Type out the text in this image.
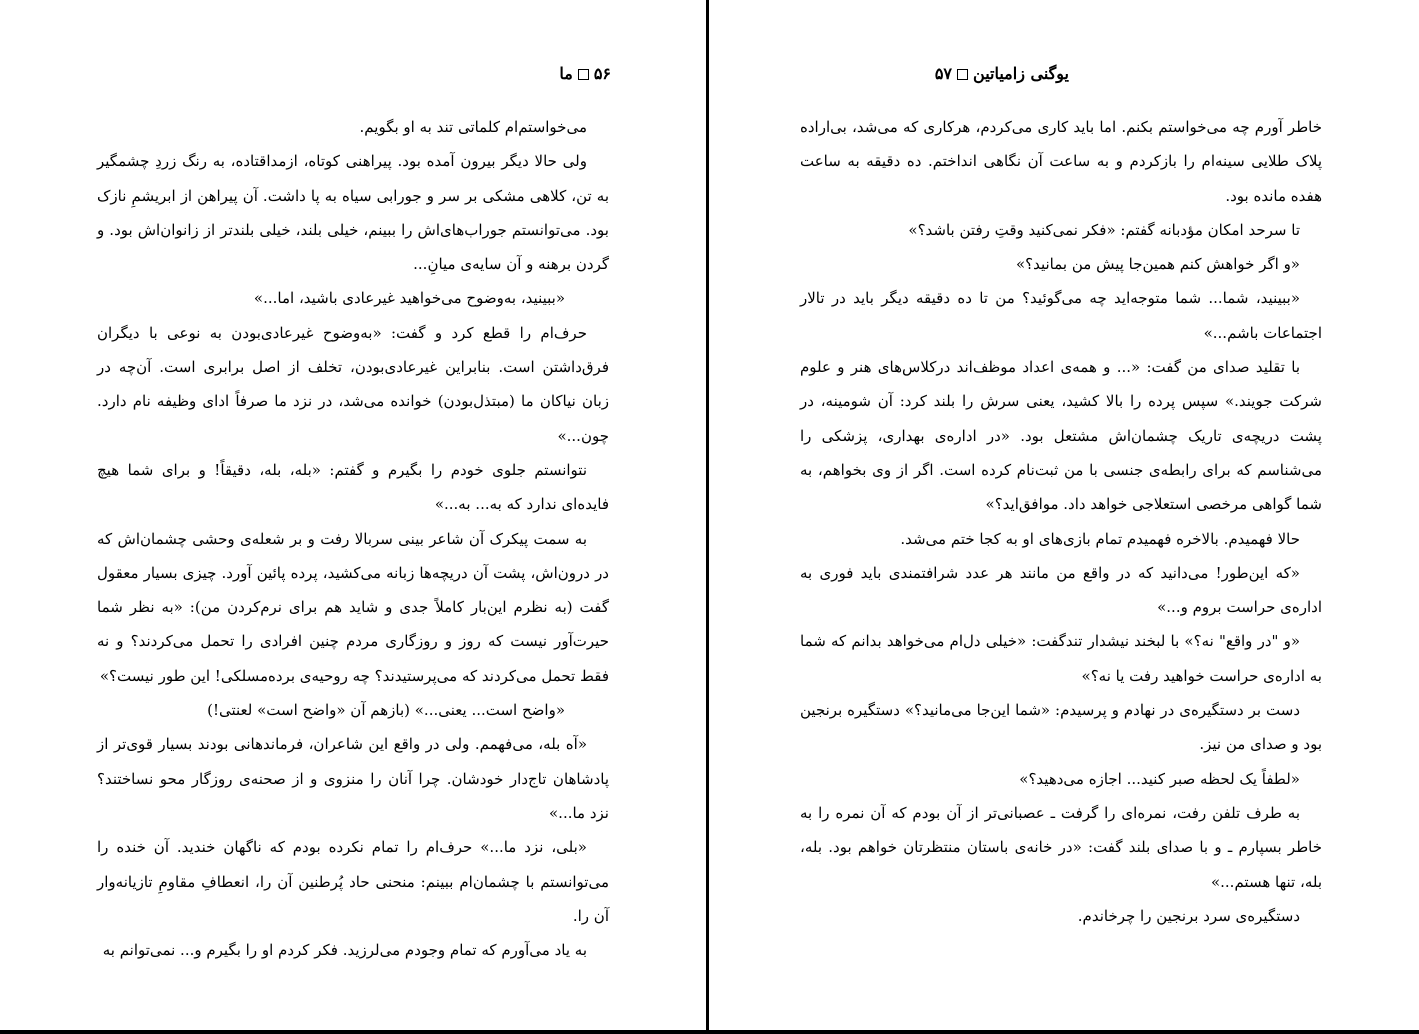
۵۶ما

می‌خواستم‌ام کلماتی تند به او بگویم.

ولی حالا دیگر بیرون آمده بود. پیراهنی کوتاه، ازمداقتاده، به رنگ زردِ چشمگیر به تن، کلاهی مشکی بر سر و جورابی سیاه به پا داشت. آن پیراهن از ابریشمِ نازک بود. می‌توانستم جوراب‌های‌اش را ببینم، خیلی بلند، خیلی بلندتر از زانوان‌اش بود. و گردن برهنه و آن سایه‌ی میانِ...

«ببینید، به‌وضوح می‌خواهید غیرعادی باشید، اما...»

حرف‌ام را قطع کرد و گفت: «به‌وضوح غیرعادی‌بودن به نوعی با دیگران فرق‌داشتن است. بنابراین غیرعادی‌بودن، تخلف از اصل برابری است. آن‌چه در زبان نیاکان ما (مبتذل‌بودن) خوانده می‌شد، در نزد ما صرفاً ادای وظیفه نام دارد. چون...»

نتوانستم جلوی خودم را بگیرم و گفتم: «بله، بله، دقیقاً! و برای شما هیچ فایده‌ای ندارد که به... به...»

به سمت پیکرک آن شاعر بینی سربالا رفت و بر شعله‌ی وحشی چشمان‌اش که در درون‌اش، پشت آن دریچه‌ها زبانه می‌کشید، پرده پائین آورد. چیزی بسیار معقول گفت (به نظرم این‌بار کاملاً جدی و شاید هم برای نرم‌کردن من): «به نظر شما حیرت‌آور نیست که روز و روزگاری مردم چنین افرادی را تحمل می‌کردند؟ و نه فقط تحمل می‌کردند که می‌پرستیدند؟ چه روحیه‌ی برده‌مسلکی! این طور نیست؟»

«واضح است... یعنی...» (بازهم آن «واضح است» لعنتی!)

«آه بله، می‌فهمم. ولی در واقع این شاعران، فرماندهانی بودند بسیار قوی‌تر از پادشاهان تاج‌دار خودشان. چرا آنان را منزوی و از صحنه‌ی روزگار محو نساختند؟ نزد ما...»

«بلی، نزد ما...» حرف‌ام را تمام نکرده بودم که ناگهان خندید. آن خنده را می‌توانستم با چشمان‌ام ببینم: منحنی حاد پُرطنین آن را، انعطافِ مقاومِ تازیانه‌وار آن را.

به یاد می‌آورم که تمام وجودم می‌لرزید. فکر کردم او را بگیرم و... نمی‌توانم به

یوگنی زامیاتین۵۷

خاطر آورم چه می‌خواستم بکنم. اما باید کاری می‌کردم، هرکاری که می‌شد، بی‌اراده پلاک طلایی سینه‌ام را بازکردم و به ساعت آن نگاهی انداختم. ده دقیقه به ساعت هفده مانده بود.

تا سرحد امکان مؤدبانه گفتم: «فکر نمی‌کنید وقتِ رفتن باشد؟»

«و اگر خواهش کنم همین‌جا پیش من بمانید؟»

«ببینید، شما... شما متوجه‌اید چه می‌گوئید؟ من تا ده دقیقه دیگر باید در تالار اجتماعات باشم...»

با تقلید صدای من گفت: «... و همه‌ی اعداد موظف‌اند درکلاس‌های هنر و علوم شرکت جویند.» سپس پرده را بالا کشید، یعنی سرش را بلند کرد: آن شومینه، در پشت دریچه‌ی تاریک چشمان‌اش مشتعل بود. «در اداره‌ی بهداری، پزشکی را می‌شناسم که برای رابطه‌ی جنسی با من ثبت‌نام کرده است. اگر از وی بخواهم، به شما گواهی مرخصی استعلاجی خواهد داد. موافق‌اید؟»

حالا فهمیدم. بالاخره فهمیدم تمام بازی‌های او به کجا ختم می‌شد.

«که این‌طور! می‌دانید که در واقع من مانند هر عدد شرافتمندی باید فوری به اداره‌ی حراست بروم و...»

«و "در واقع" نه؟» با لبخند نیشدار تندگفت: «خیلی دل‌ام می‌خواهد بدانم که شما به اداره‌ی حراست خواهید رفت یا نه؟»

دست بر دستگیره‌ی در نهادم و پرسیدم: «شما این‌جا می‌مانید؟» دستگیره برنجین بود و صدای من نیز.

«لطفاً یک لحظه صبر کنید... اجازه می‌دهید؟»

به طرف تلفن رفت، نمره‌ای را گرفت ـ عصبانی‌تر از آن بودم که آن نمره را به خاطر بسپارم ـ و با صدای بلند گفت: «در خانه‌ی باستان منتظرتان خواهم بود. بله، بله، تنها هستم...»

دستگیره‌ی سرد برنجین را چرخاندم.
